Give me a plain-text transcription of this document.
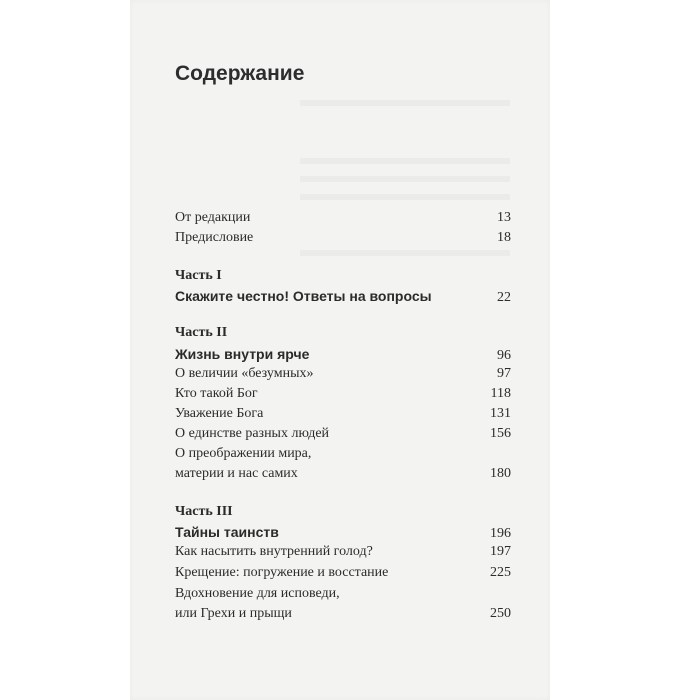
Содержание
От редакции	13
Предисловие	18
Часть I
Скажите честно! Ответы на вопросы	22
Часть II
Жизнь внутри ярче	96
О величии «безумных»	97
Кто такой Бог	118
Уважение Бога	131
О единстве разных людей	156
О преображении мира,
материи и нас самих	180
Часть III
Тайны таинств	196
Как насытить внутренний голод?	197
Крещение: погружение и восстание	225
Вдохновение для исповеди,
или Грехи и прыщи	250
